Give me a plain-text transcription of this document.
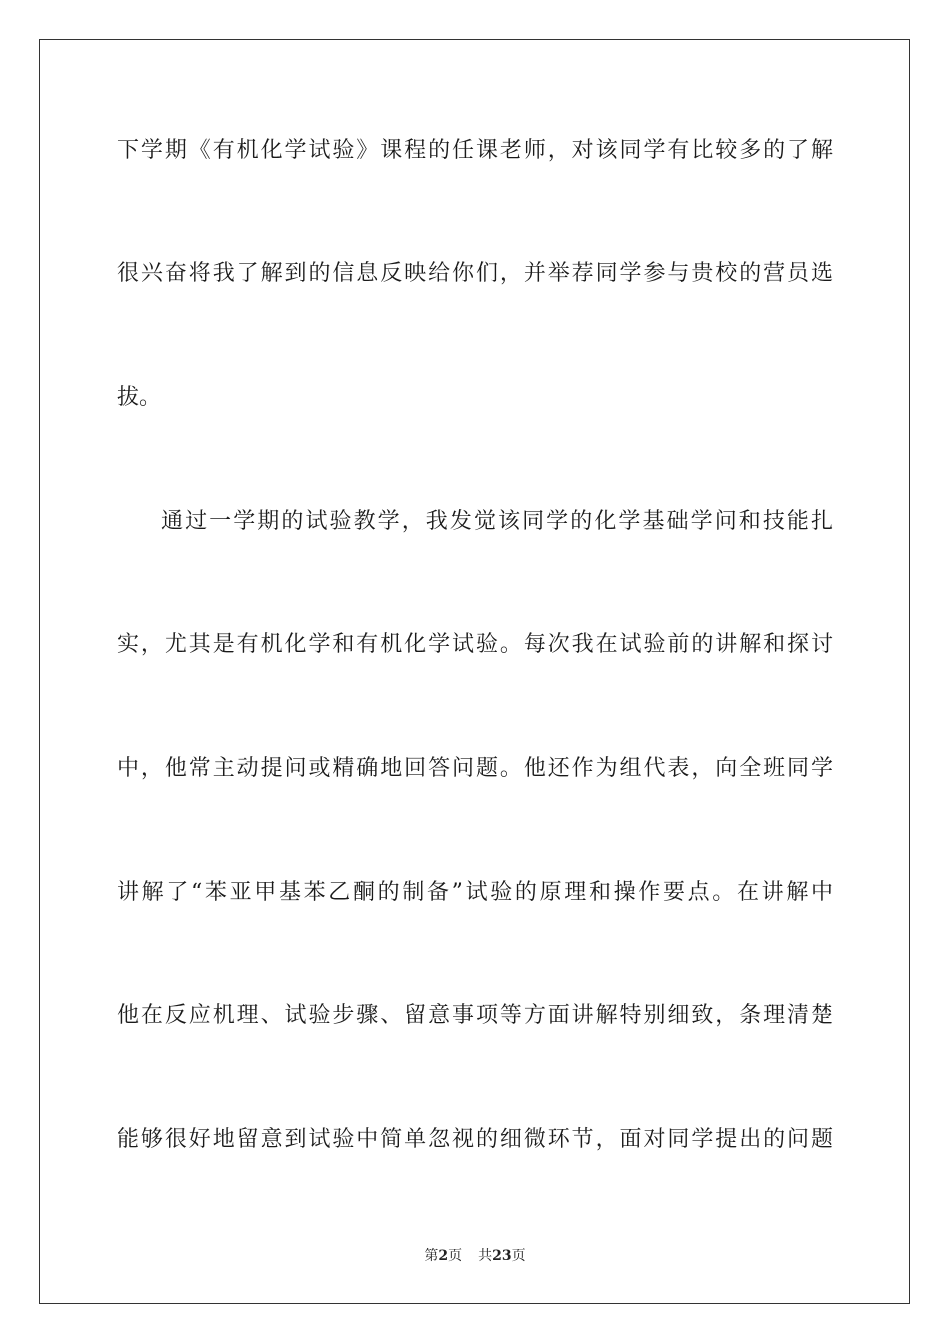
下学期《有机化学试验》课程的任课老师，对该同学有比较多的了解
很兴奋将我了解到的信息反映给你们，并举荐同学参与贵校的营员选
拔。
通过一学期的试验教学，我发觉该同学的化学基础学问和技能扎
实，尤其是有机化学和有机化学试验。每次我在试验前的讲解和探讨
中，他常主动提问或精确地回答问题。他还作为组代表，向全班同学
讲解了“苯亚甲基苯乙酮的制备”试验的原理和操作要点。在讲解中
他在反应机理、试验步骤、留意事项等方面讲解特别细致，条理清楚
能够很好地留意到试验中简单忽视的细微环节，面对同学提出的问题
第2页 共23页
